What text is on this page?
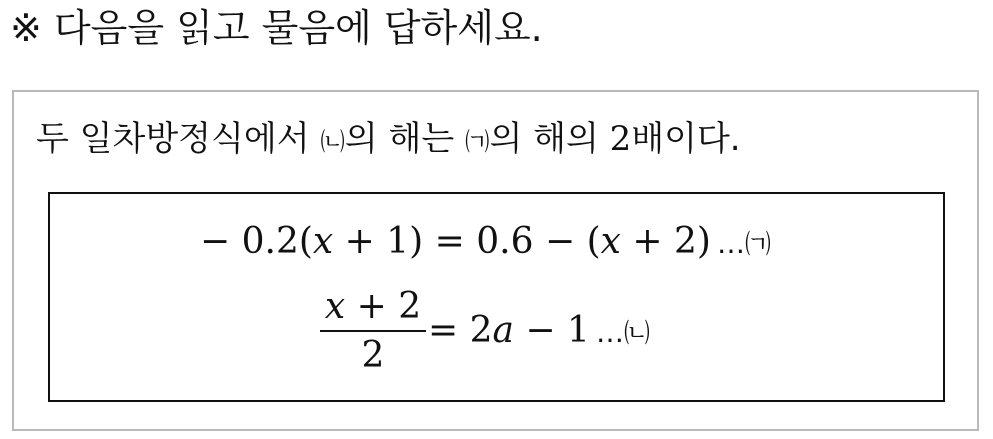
※ 다음을 읽고 물음에 답하세요.
두 일차방정식에서 ㈁의 해는 ㈀의 해의 2배이다.
− 0.2(x + 1) = 0.6 − (x + 2) …㈀
x + 2
2
= 2a − 1 …㈁
